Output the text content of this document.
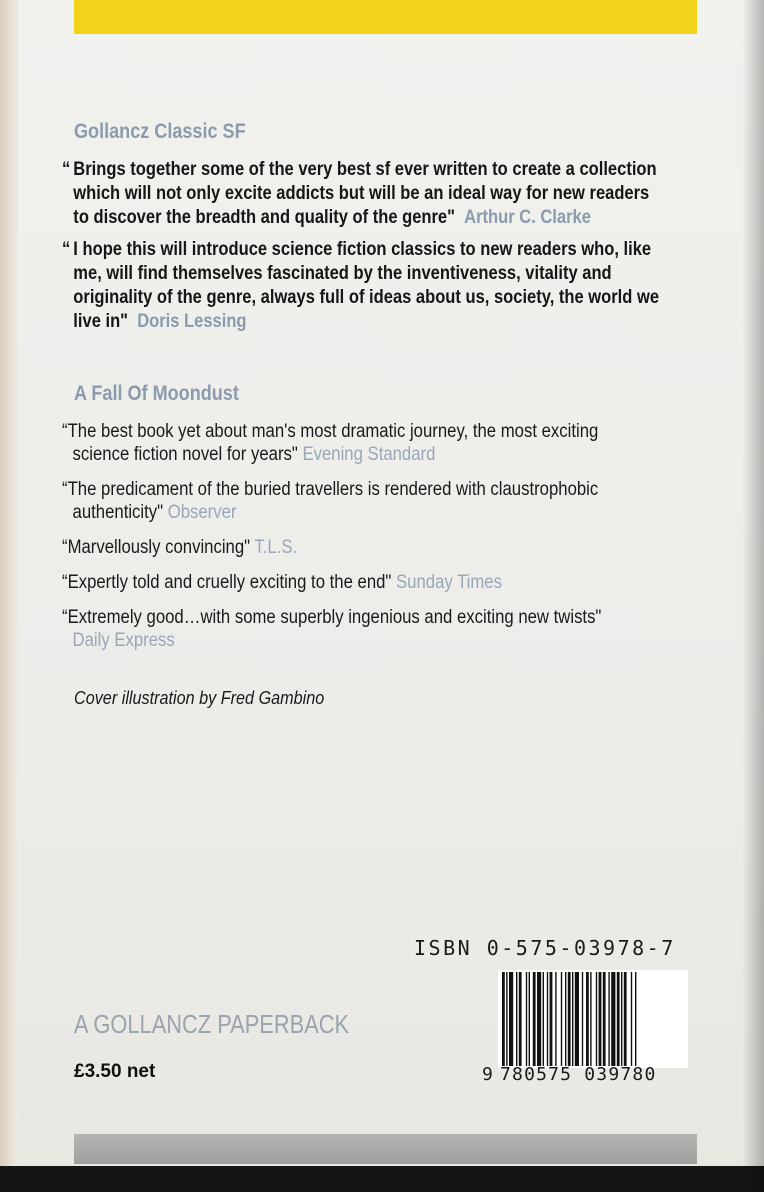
Gollancz Classic SF
“ Brings together some of the very best sf ever written to create a collection
which will not only excite addicts but will be an ideal way for new readers
to discover the breadth and quality of the genre" Arthur C. Clarke
“ I hope this will introduce science fiction classics to new readers who, like
me, will find themselves fascinated by the inventiveness, vitality and
originality of the genre, always full of ideas about us, society, the world we
live in" Doris Lessing
A Fall Of Moondust
“The best book yet about man's most dramatic journey, the most exciting
science fiction novel for years" Evening Standard
“The predicament of the buried travellers is rendered with claustrophobic
authenticity" Observer
“Marvellously convincing" T.L.S.
“Expertly told and cruelly exciting to the end" Sunday Times
“Extremely good…with some superbly ingenious and exciting new twists"
Daily Express
Cover illustration by Fred Gambino
ISBN 0-575-03978-7
9 780575 039780
A GOLLANCZ PAPERBACK
£3.50 net
